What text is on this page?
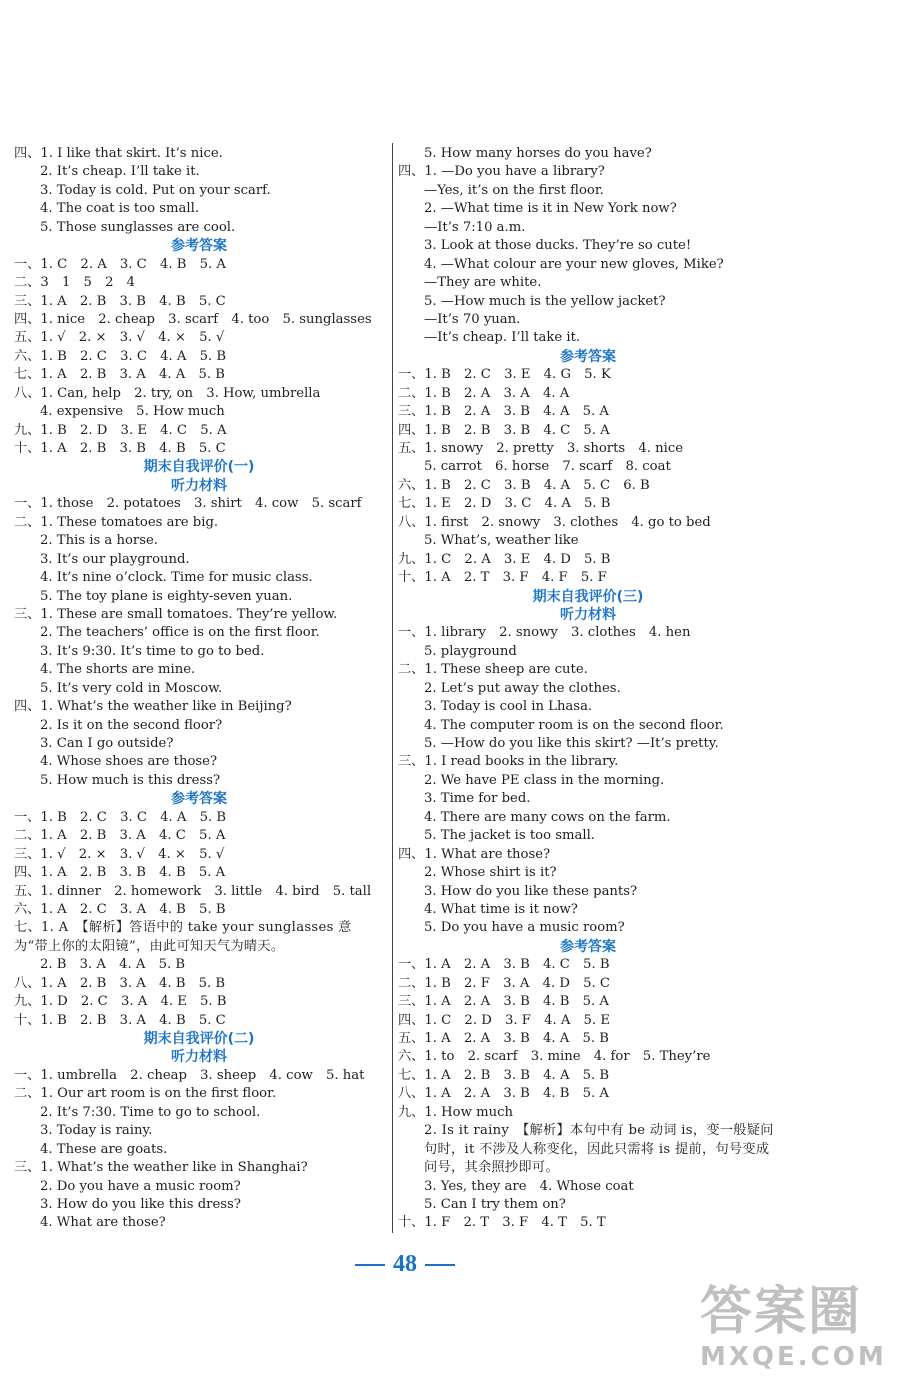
四、1. I like that skirt. It’s nice.
2. It’s cheap. I’ll take it.
3. Today is cold. Put on your scarf.
4. The coat is too small.
5. Those sunglasses are cool.
参考答案
一、1. C　2. A　3. C　4. B　5. A
二、3　1　5　2　4
三、1. A　2. B　3. B　4. B　5. C
四、1. nice　2. cheap　3. scarf　4. too　5. sunglasses
五、1. √　2. ×　3. √　4. ×　5. √
六、1. B　2. C　3. C　4. A　5. B
七、1. A　2. B　3. A　4. A　5. B
八、1. Can, help　2. try, on　3. How, umbrella
4. expensive　5. How much
九、1. B　2. D　3. E　4. C　5. A
十、1. A　2. B　3. B　4. B　5. C
期末自我评价(一)
听力材料
一、1. those　2. potatoes　3. shirt　4. cow　5. scarf
二、1. These tomatoes are big.
2. This is a horse.
3. It’s our playground.
4. It’s nine o’clock. Time for music class.
5. The toy plane is eighty-seven yuan.
三、1. These are small tomatoes. They’re yellow.
2. The teachers’ office is on the first floor.
3. It’s 9:30. It’s time to go to bed.
4. The shorts are mine.
5. It’s very cold in Moscow.
四、1. What’s the weather like in Beijing?
2. Is it on the second floor?
3. Can I go outside?
4. Whose shoes are those?
5. How much is this dress?
参考答案
一、1. B　2. C　3. C　4. A　5. B
二、1. A　2. B　3. A　4. C　5. A
三、1. √　2. ×　3. √　4. ×　5. √
四、1. A　2. B　3. B　4. B　5. A
五、1. dinner　2. homework　3. little　4. bird　5. tall
六、1. A　2. C　3. A　4. B　5. B
七、1. A　【解析】答语中的 take your sunglasses 意为“带上你的太阳镜”，由此可知天气为晴天。
2. B　3. A　4. A　5. B
八、1. A　2. B　3. A　4. B　5. B
九、1. D　2. C　3. A　4. E　5. B
十、1. B　2. B　3. A　4. B　5. C
期末自我评价(二)
听力材料
一、1. umbrella　2. cheap　3. sheep　4. cow　5. hat
二、1. Our art room is on the first floor.
2. It’s 7:30. Time to go to school.
3. Today is rainy.
4. These are goats.
三、1. What’s the weather like in Shanghai?
2. Do you have a music room?
3. How do you like this dress?
4. What are those?
5. How many horses do you have?
四、1. —Do you have a library?
—Yes, it’s on the first floor.
2. —What time is it in New York now?
—It’s 7:10 a.m.
3. Look at those ducks. They’re so cute!
4. —What colour are your new gloves, Mike?
—They are white.
5. —How much is the yellow jacket?
—It’s 70 yuan.
—It’s cheap. I’ll take it.
参考答案
一、1. B　2. C　3. E　4. G　5. K
二、1. B　2. A　3. A　4. A
三、1. B　2. A　3. B　4. A　5. A
四、1. B　2. B　3. B　4. C　5. A
五、1. snowy　2. pretty　3. shorts　4. nice
5. carrot　6. horse　7. scarf　8. coat
六、1. B　2. C　3. B　4. A　5. C　6. B
七、1. E　2. D　3. C　4. A　5. B
八、1. first　2. snowy　3. clothes　4. go to bed
5. What’s, weather like
九、1. C　2. A　3. E　4. D　5. B
十、1. A　2. T　3. F　4. F　5. F
期末自我评价(三)
听力材料
一、1. library　2. snowy　3. clothes　4. hen
5. playground
二、1. These sheep are cute.
2. Let’s put away the clothes.
3. Today is cool in Lhasa.
4. The computer room is on the second floor.
5. —How do you like this skirt? —It’s pretty.
三、1. I read books in the library.
2. We have PE class in the morning.
3. Time for bed.
4. There are many cows on the farm.
5. The jacket is too small.
四、1. What are those?
2. Whose shirt is it?
3. How do you like these pants?
4. What time is it now?
5. Do you have a music room?
参考答案
一、1. A　2. A　3. B　4. C　5. B
二、1. B　2. F　3. A　4. D　5. C
三、1. A　2. A　3. B　4. B　5. A
四、1. C　2. D　3. F　4. A　5. E
五、1. A　2. A　3. B　4. A　5. B
六、1. to　2. scarf　3. mine　4. for　5. They’re
七、1. A　2. B　3. B　4. A　5. B
八、1. A　2. A　3. B　4. B　5. A
九、1. How much
2. Is it rainy　【解析】本句中有 be 动词 is，变一般疑问句时，it 不涉及人称变化，因此只需将 is 提前，句号变成问号，其余照抄即可。
3. Yes, they are　4. Whose coat
5. Can I try them on?
十、1. F　2. T　3. F　4. T　5. T
48
答案圈
MXQE.COM
